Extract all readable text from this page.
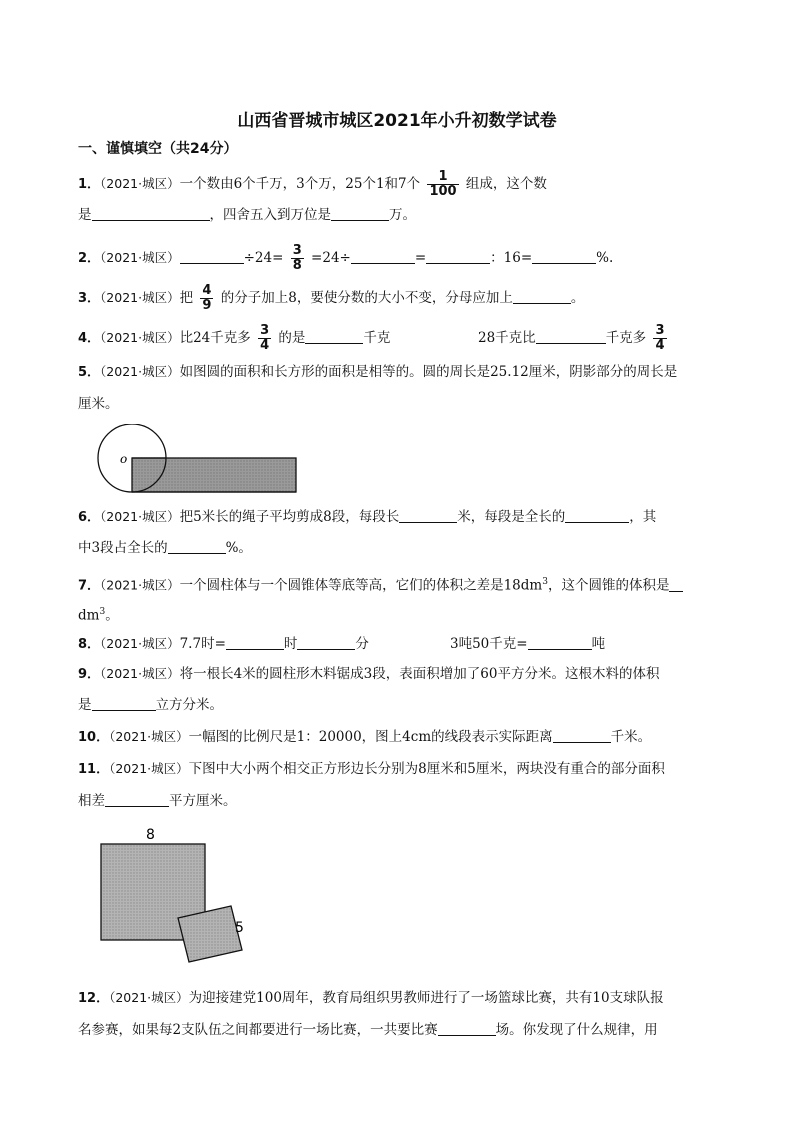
山西省晋城市城区2021年小升初数学试卷
一、谨慎填空（共24分）
1．（2021·城区）一个数由6个千万，3个万，25个1和7个 $\frac{1}{100}$ 组成，这个数
是	，四舍五入到万位是	万。
2．（2021·城区）	$\div 24= \frac{3}{8} =24\div$	=	：16=	%.
3．（2021·城区）把 $\frac{4}{9}$ 的分子加上8，要使分数的大小不变，分母应加上	。
4．（2021·城区）比24千克多 $\frac{3}{4}$ 的是	千克	28千克比	千克多 $\frac{3}{4}$
5．（2021·城区）如图圆的面积和长方形的面积是相等的。圆的周长是25.12厘米，阴影部分的周长是
厘米。
o
6．（2021·城区）把5米长的绳子平均剪成8段，每段长	米，每段是全长的	，其
中3段占全长的	%。
7．（2021·城区）一个圆柱体与一个圆锥体等底等高，它们的体积之差是$18dm^3$，这个圆锥的体积是
$dm^3$。
8．（2021·城区）7.7时=	时	分	3吨50千克=	吨
9．（2021·城区）将一根长4米的圆柱形木料锯成3段，表面积增加了60平方分米。这根木料的体积
是	立方分米。
10．（2021·城区）一幅图的比例尺是1：20000，图上4cm的线段表示实际距离	千米。
11．（2021·城区）下图中大小两个相交正方形边长分别为8厘米和5厘米，两块没有重合的部分面积
相差	平方厘米。
8
5
12．（2021·城区）为迎接建党100周年，教育局组织男教师进行了一场篮球比赛，共有10支球队报
名参赛，如果每2支队伍之间都要进行一场比赛，一共要比赛	场。你发现了什么规律，用
